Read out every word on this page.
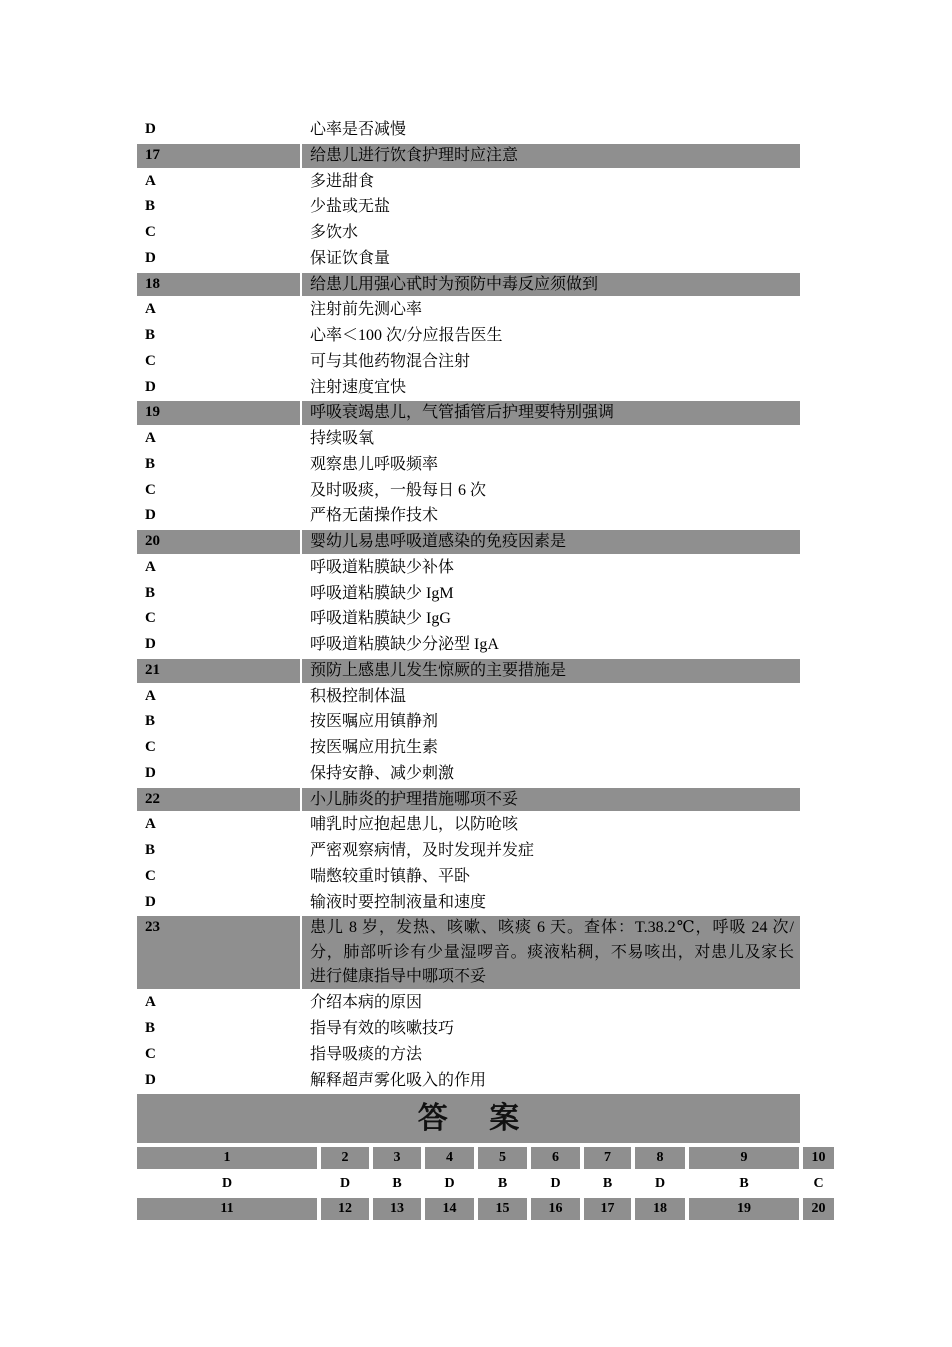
D	心率是否减慢
17	给患儿进行饮食护理时应注意
A	多进甜食
B	少盐或无盐
C	多饮水
D	保证饮食量
18	给患儿用强心甙时为预防中毒反应须做到
A	注射前先测心率
B	心率＜100 次/分应报告医生
C	可与其他药物混合注射
D	注射速度宜快
19	呼吸衰竭患儿，气管插管后护理要特别强调
A	持续吸氧
B	观察患儿呼吸频率
C	及时吸痰，一般每日 6 次
D	严格无菌操作技术
20	婴幼儿易患呼吸道感染的免疫因素是
A	呼吸道粘膜缺少补体
B	呼吸道粘膜缺少 IgM
C	呼吸道粘膜缺少 IgG
D	呼吸道粘膜缺少分泌型 IgA
21	预防上感患儿发生惊厥的主要措施是
A	积极控制体温
B	按医嘱应用镇静剂
C	按医嘱应用抗生素
D	保持安静、减少刺激
22	小儿肺炎的护理措施哪项不妥
A	哺乳时应抱起患儿，以防呛咳
B	严密观察病情，及时发现并发症
C	喘憋较重时镇静、平卧
D	输液时要控制液量和速度
23	患儿 8 岁，发热、咳嗽、咳痰 6 天。查体：T.38.2℃，呼吸 24 次/
分，肺部听诊有少量湿啰音。痰液粘稠，不易咳出，对患儿及家长
进行健康指导中哪项不妥
A	介绍本病的原因
B	指导有效的咳嗽技巧
C	指导吸痰的方法
D	解释超声雾化吸入的作用
答 案
1	2	3	4	5	6	7	8	9	10
D	D	B	D	B	D	B	D	B	C
11	12	13	14	15	16	17	18	19	20
